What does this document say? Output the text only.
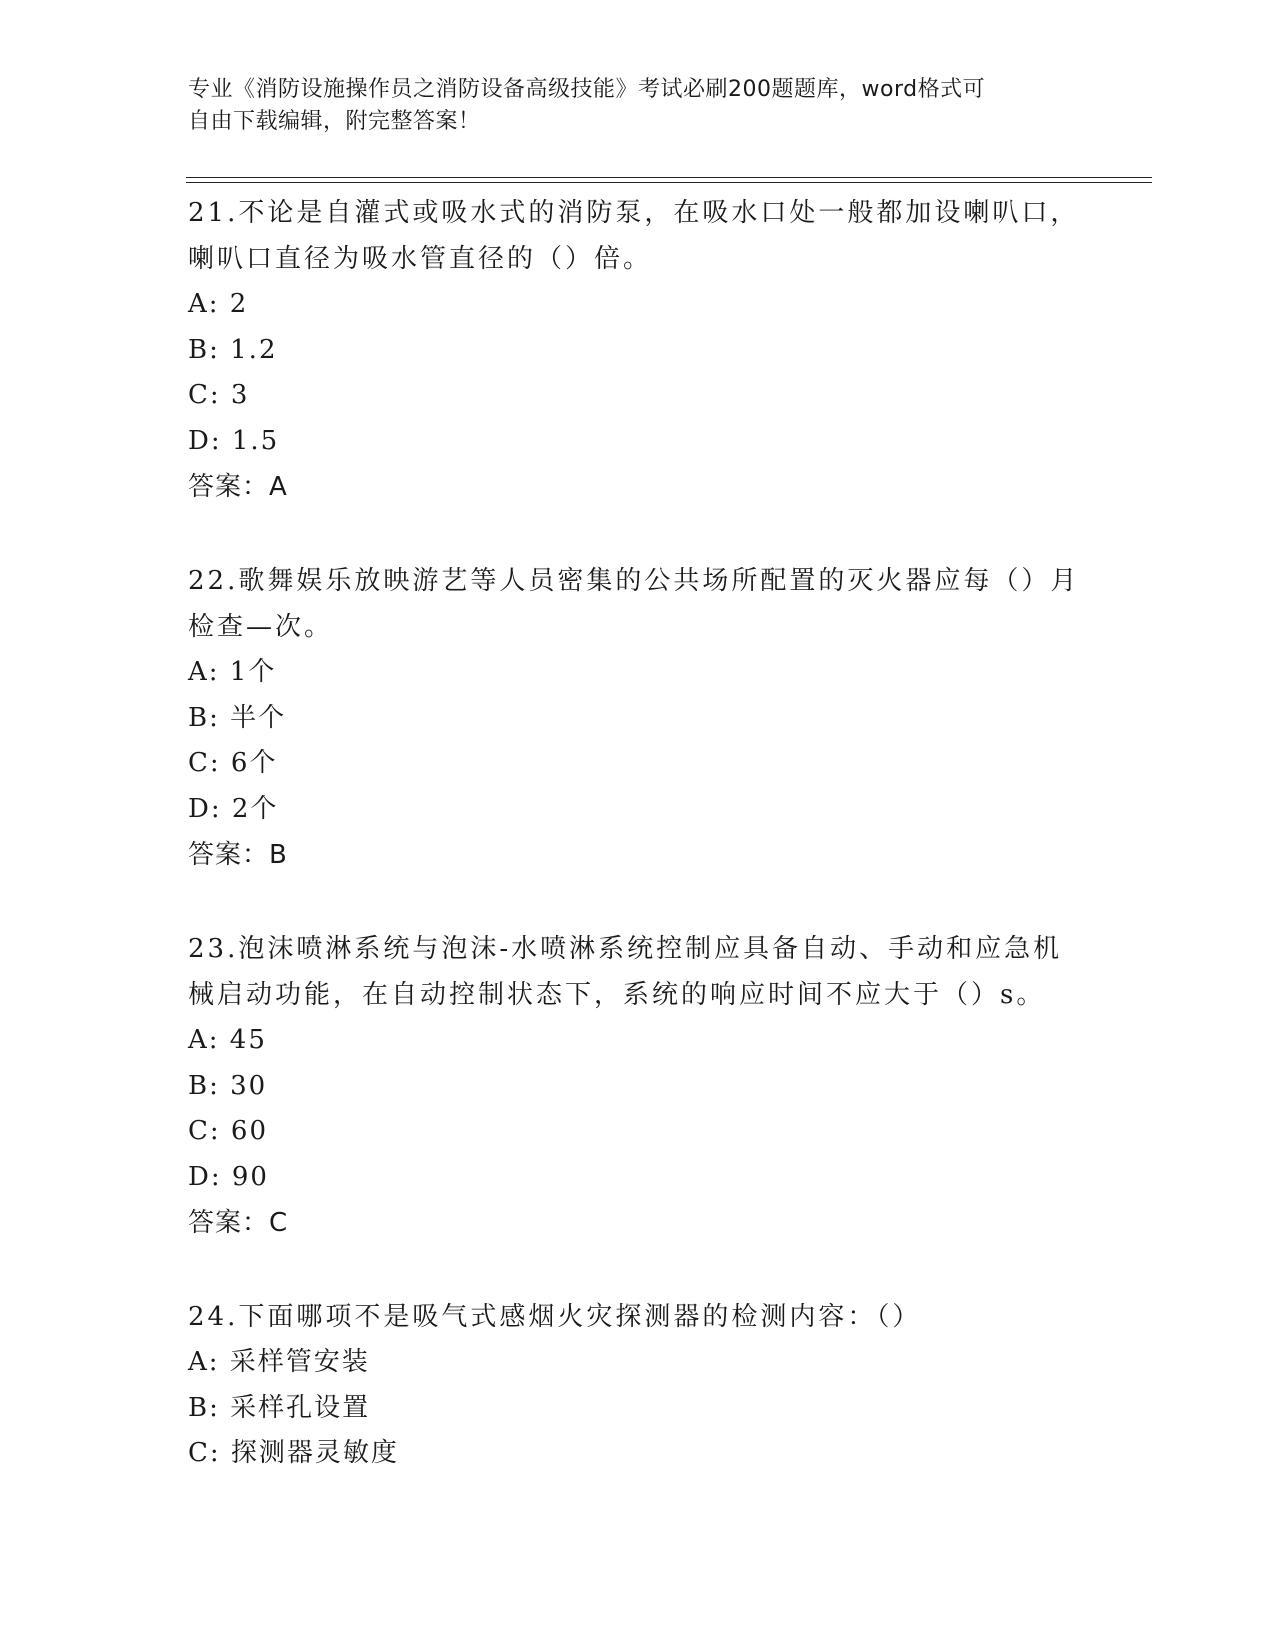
专业《消防设施操作员之消防设备高级技能》考试必刷200题题库，word格式可
自由下载编辑，附完整答案！

21.不论是自灌式或吸水式的消防泵，在吸水口处一般都加设喇叭口，
喇叭口直径为吸水管直径的（）倍。

A: 2

B: 1.2

C: 3

D: 1.5

答案：A

22.歌舞娱乐放映游艺等人员密集的公共场所配置的灭火器应每（）月
检查—次。

A: 1个

B: 半个

C: 6个

D: 2个

答案：B

23.泡沫喷淋系统与泡沫-水喷淋系统控制应具备自动、手动和应急机
械启动功能，在自动控制状态下，系统的响应时间不应大于（）s。

A: 45

B: 30

C: 60

D: 90

答案：C

24.下面哪项不是吸气式感烟火灾探测器的检测内容：（）

A: 采样管安装

B: 采样孔设置

C: 探测器灵敏度
